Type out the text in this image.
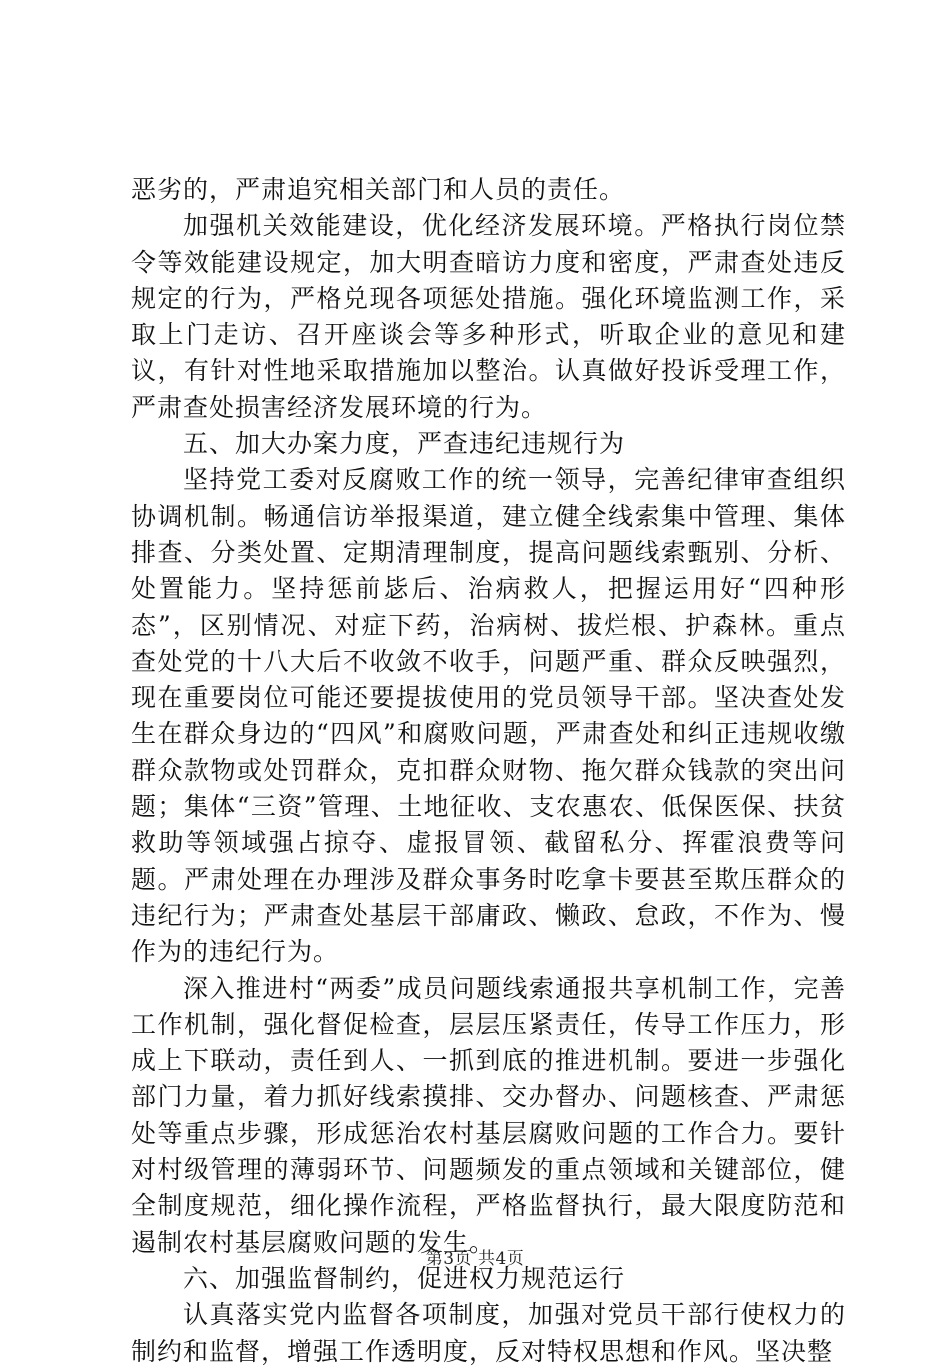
恶劣的，严肃追究相关部门和人员的责任。

加强机关效能建设，优化经济发展环境。严格执行岗位禁令等效能建设规定，加大明查暗访力度和密度，严肃查处违反规定的行为，严格兑现各项惩处措施。强化环境监测工作，采取上门走访、召开座谈会等多种形式，听取企业的意见和建议，有针对性地采取措施加以整治。认真做好投诉受理工作，严肃查处损害经济发展环境的行为。

五、加大办案力度，严查违纪违规行为

坚持党工委对反腐败工作的统一领导，完善纪律审查组织协调机制。畅通信访举报渠道，建立健全线索集中管理、集体排查、分类处置、定期清理制度，提高问题线索甄别、分析、处置能力。坚持惩前毖后、治病救人，把握运用好“四种形态”，区别情况、对症下药，治病树、拔烂根、护森林。重点查处党的十八大后不收敛不收手，问题严重、群众反映强烈，现在重要岗位可能还要提拔使用的党员领导干部。坚决查处发生在群众身边的“四风”和腐败问题，严肃查处和纠正违规收缴群众款物或处罚群众，克扣群众财物、拖欠群众钱款的突出问题；集体“三资”管理、土地征收、支农惠农、低保医保、扶贫救助等领域强占掠夺、虚报冒领、截留私分、挥霍浪费等问题。严肃处理在办理涉及群众事务时吃拿卡要甚至欺压群众的违纪行为；严肃查处基层干部庸政、懒政、怠政，不作为、慢作为的违纪行为。

深入推进村“两委”成员问题线索通报共享机制工作，完善工作机制，强化督促检查，层层压紧责任，传导工作压力，形成上下联动，责任到人、一抓到底的推进机制。要进一步强化部门力量，着力抓好线索摸排、交办督办、问题核查、严肃惩处等重点步骤，形成惩治农村基层腐败问题的工作合力。要针对村级管理的薄弱环节、问题频发的重点领域和关键部位，健全制度规范，细化操作流程，严格监督执行，最大限度防范和遏制农村基层腐败问题的发生。

六、加强监督制约，促进权力规范运行

认真落实党内监督各项制度，加强对党员干部行使权力的制约和监督，增强工作透明度，反对特权思想和作风。坚决整

第3页 共4页
